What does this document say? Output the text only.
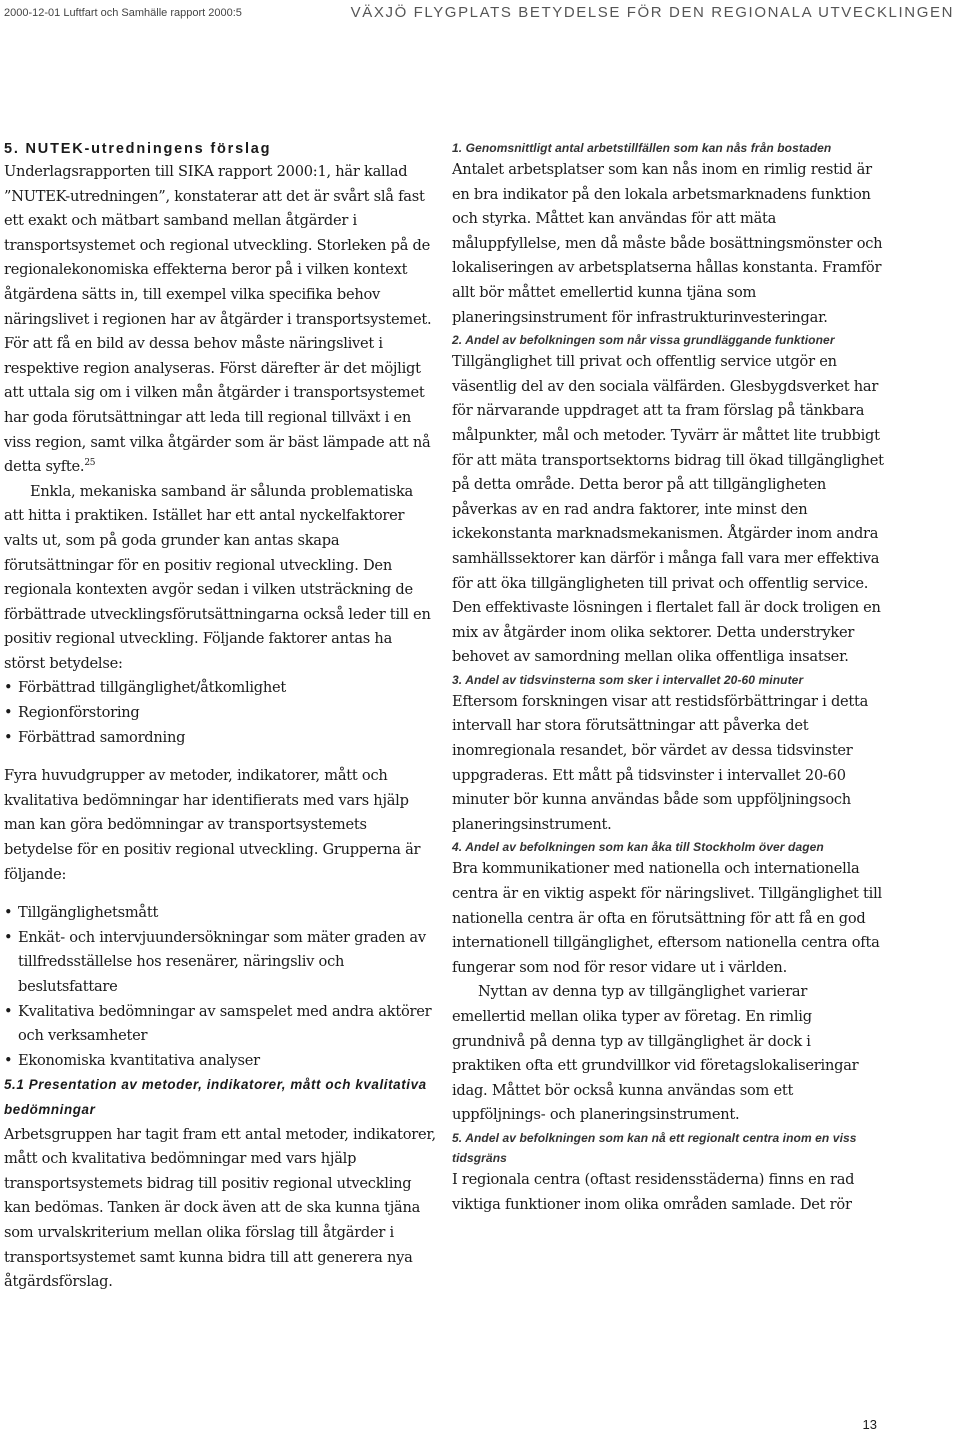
2000-12-01 Luftfart och Samhälle rapport 2000:5	VÄXJÖ FLYGPLATS BETYDELSE FÖR DEN REGIONALA UTVECKLINGEN
5. NUTEK-utredningens förslag

Underlagsrapporten till SIKA rapport 2000:1, här kallad ”NUTEK-utredningen”, konstaterar att det är svårt slå fast ett exakt och mätbart samband mellan åtgärder i transportsystemet och regional utveckling. Storleken på de regionalekonomiska effekterna beror på i vilken kontext åtgärdena sätts in, till exempel vilka specifika behov näringslivet i regionen har av åtgärder i transportsystemet. För att få en bild av dessa behov måste näringslivet i respektive region analyseras. Först därefter är det möjligt att uttala sig om i vilken mån åtgärder i transportsystemet har goda förutsättningar att leda till regional tillväxt i en viss region, samt vilka åtgärder som är bäst lämpade att nå detta syfte.$^{25}$

Enkla, mekaniska samband är sålunda problematiska att hitta i praktiken. Istället har ett antal nyckelfaktorer valts ut, som på goda grunder kan antas skapa förutsättningar för en positiv regional utveckling. Den regionala kontexten avgör sedan i vilken utsträckning de förbättrade utvecklingsförutsättningarna också leder till en positiv regional utveckling. Följande faktorer antas ha störst betydelse:

• Förbättrad tillgänglighet/åtkomlighet
• Regionförstoring
• Förbättrad samordning

Fyra huvudgrupper av metoder, indikatorer, mått och kvalitativa bedömningar har identifierats med vars hjälp man kan göra bedömningar av transportsystemets betydelse för en positiv regional utveckling. Grupperna är följande:

• Tillgänglighetsmått
• Enkät- och intervjuundersökningar som mäter graden av tillfredsställelse hos resenärer, näringsliv och beslutsfattare
• Kvalitativa bedömningar av samspelet med andra aktörer och verksamheter
• Ekonomiska kvantitativa analyser
5.1 Presentation av metoder, indikatorer, mått och kvalitativa bedömningar

Arbetsgruppen har tagit fram ett antal metoder, indikatorer, mått och kvalitativa bedömningar med vars hjälp transportsystemets bidrag till positiv regional utveckling kan bedömas. Tanken är dock även att de ska kunna tjäna som urvalskriterium mellan olika förslag till åtgärder i transportsystemet samt kunna bidra till att generera nya åtgärdsförslag.

1. Genomsnittligt antal arbetstillfällen som kan nås från bostaden

Antalet arbetsplatser som kan nås inom en rimlig restid är en bra indikator på den lokala arbetsmarknadens funktion och styrka. Måttet kan användas för att mäta måluppfyllelse, men då måste både bosättningsmönster och lokaliseringen av arbetsplatserna hållas konstanta. Framför allt bör måttet emellertid kunna tjäna som planeringsinstrument för infrastrukturinvesteringar.

2. Andel av befolkningen som når vissa grundläggande funktioner

Tillgänglighet till privat och offentlig service utgör en väsentlig del av den sociala välfärden. Glesbygdsverket har för närvarande uppdraget att ta fram förslag på tänkbara målpunkter, mål och metoder. Tyvärr är måttet lite trubbigt för att mäta transportsektorns bidrag till ökad tillgänglighet på detta område. Detta beror på att tillgängligheten påverkas av en rad andra faktorer, inte minst den ickekonstanta marknadsmekanismen. Åtgärder inom andra samhällssektorer kan därför i många fall vara mer effektiva för att öka tillgängligheten till privat och offentlig service. Den effektivaste lösningen i flertalet fall är dock troligen en mix av åtgärder inom olika sektorer. Detta understryker behovet av samordning mellan olika offentliga insatser.

3. Andel av tidsvinsterna som sker i intervallet 20-60 minuter

Eftersom forskningen visar att restidsförbättringar i detta intervall har stora förutsättningar att påverka det inomregionala resandet, bör värdet av dessa tidsvinster uppgraderas. Ett mått på tidsvinster i intervallet 20-60 minuter bör kunna användas både som uppföljningsoch planeringsinstrument.

4. Andel av befolkningen som kan åka till Stockholm över dagen

Bra kommunikationer med nationella och internationella centra är en viktig aspekt för näringslivet. Tillgänglighet till nationella centra är ofta en förutsättning för att få en god internationell tillgänglighet, eftersom nationella centra ofta fungerar som nod för resor vidare ut i världen.

Nyttan av denna typ av tillgänglighet varierar emellertid mellan olika typer av företag. En rimlig grundnivå på denna typ av tillgänglighet är dock i praktiken ofta ett grundvillkor vid företagslokaliseringar idag. Måttet bör också kunna användas som ett uppföljnings- och planeringsinstrument.

5. Andel av befolkningen som kan nå ett regionalt centra inom en viss tidsgräns

I regionala centra (oftast residensstäderna) finns en rad viktiga funktioner inom olika områden samlade. Det rör

13
